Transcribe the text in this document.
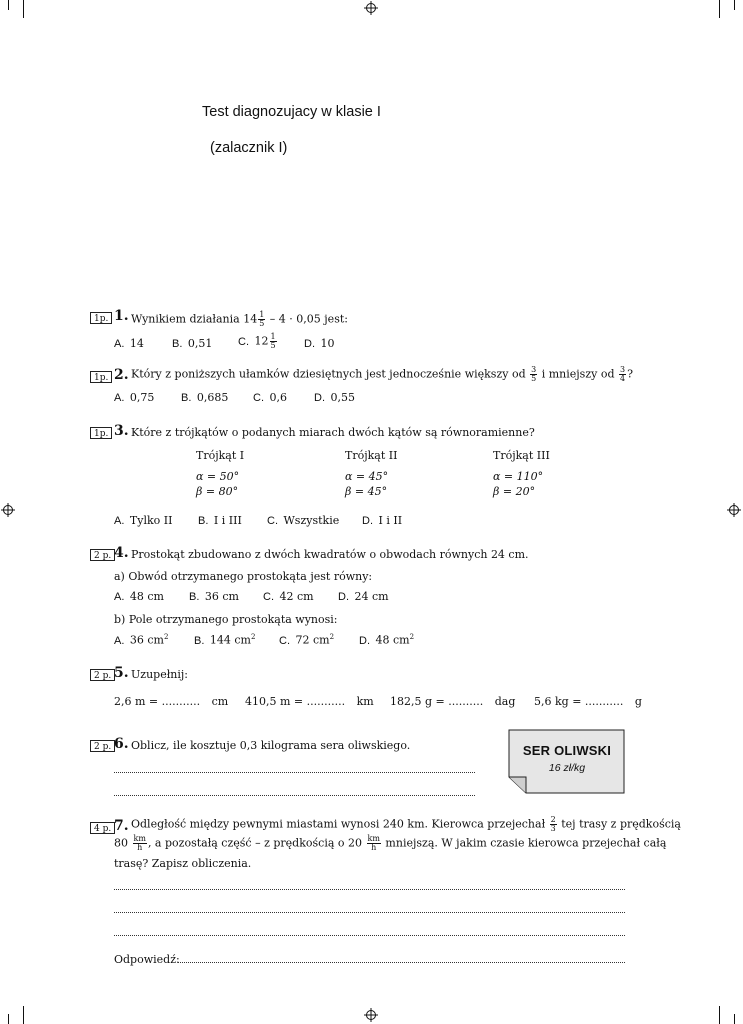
Test diagnozujacy w klasie I
(zalacznik I)
1p. 1. Wynikiem działania $14 \frac{1}{5} - 4 \cdot 0,05$ jest:
A. 14	B. 0,51 C. $12 \frac{1}{5} D$. 10
1p. 2. Który z poniższych ułamków dziesiętnych jest jednocześnie większy od $\frac{3}{5}$ i mniejszy od $\frac{3}{4}$ ?
A. 0,75 B. 0,685 C. 0,6 D. 0,55
1p. 3. Które z trójkątów o podanych miarach dwóch kątów są równoramienne?
Trójkąt I
α = 50°
β = 80°
Trójkąt II
α = 45°
β = 45°
Trójkąt III
α = 110°
β = 20°
A. Tylko II B. I i III C. Wszystkie D. I i II
2 p. 4. Prostokąt zbudowano z dwóch kwadratów o obwodach równych 24 cm.
a) Obwód otrzymanego prostokąta jest równy:
A. 48 cm B. 36 cm C. 42 cm D. 24 cm
b) Pole otrzymanego prostokąta wynosi:
A. 36 $cm^2$ B. 144 $cm^2$ C. 72 $cm^2$ D. 48 $cm^2$
2 p. 5. Uzupełnij:
2,6 m = ........... cm 410,5 m = ........... km 182,5 g = .......... dag 5,6 kg = ........... g
2 p. 6. Oblicz, ile kosztuje 0,3 kilograma sera oliwskiego.	SER OLIWSKI
16 zł/kg
4 p. 7. Odległość między pewnymi miastami wynosi 240 km. Kierowca przejechał $\frac{2}{3}$ tej trasy z prędkością
$80 \frac{km}{h}$ , a pozostałą część – z prędkością o $20 \frac{km}{h}$ mniejszą. W jakim czasie kierowca przejechał całą
trasę? Zapisz obliczenia.
Odpowiedź:
